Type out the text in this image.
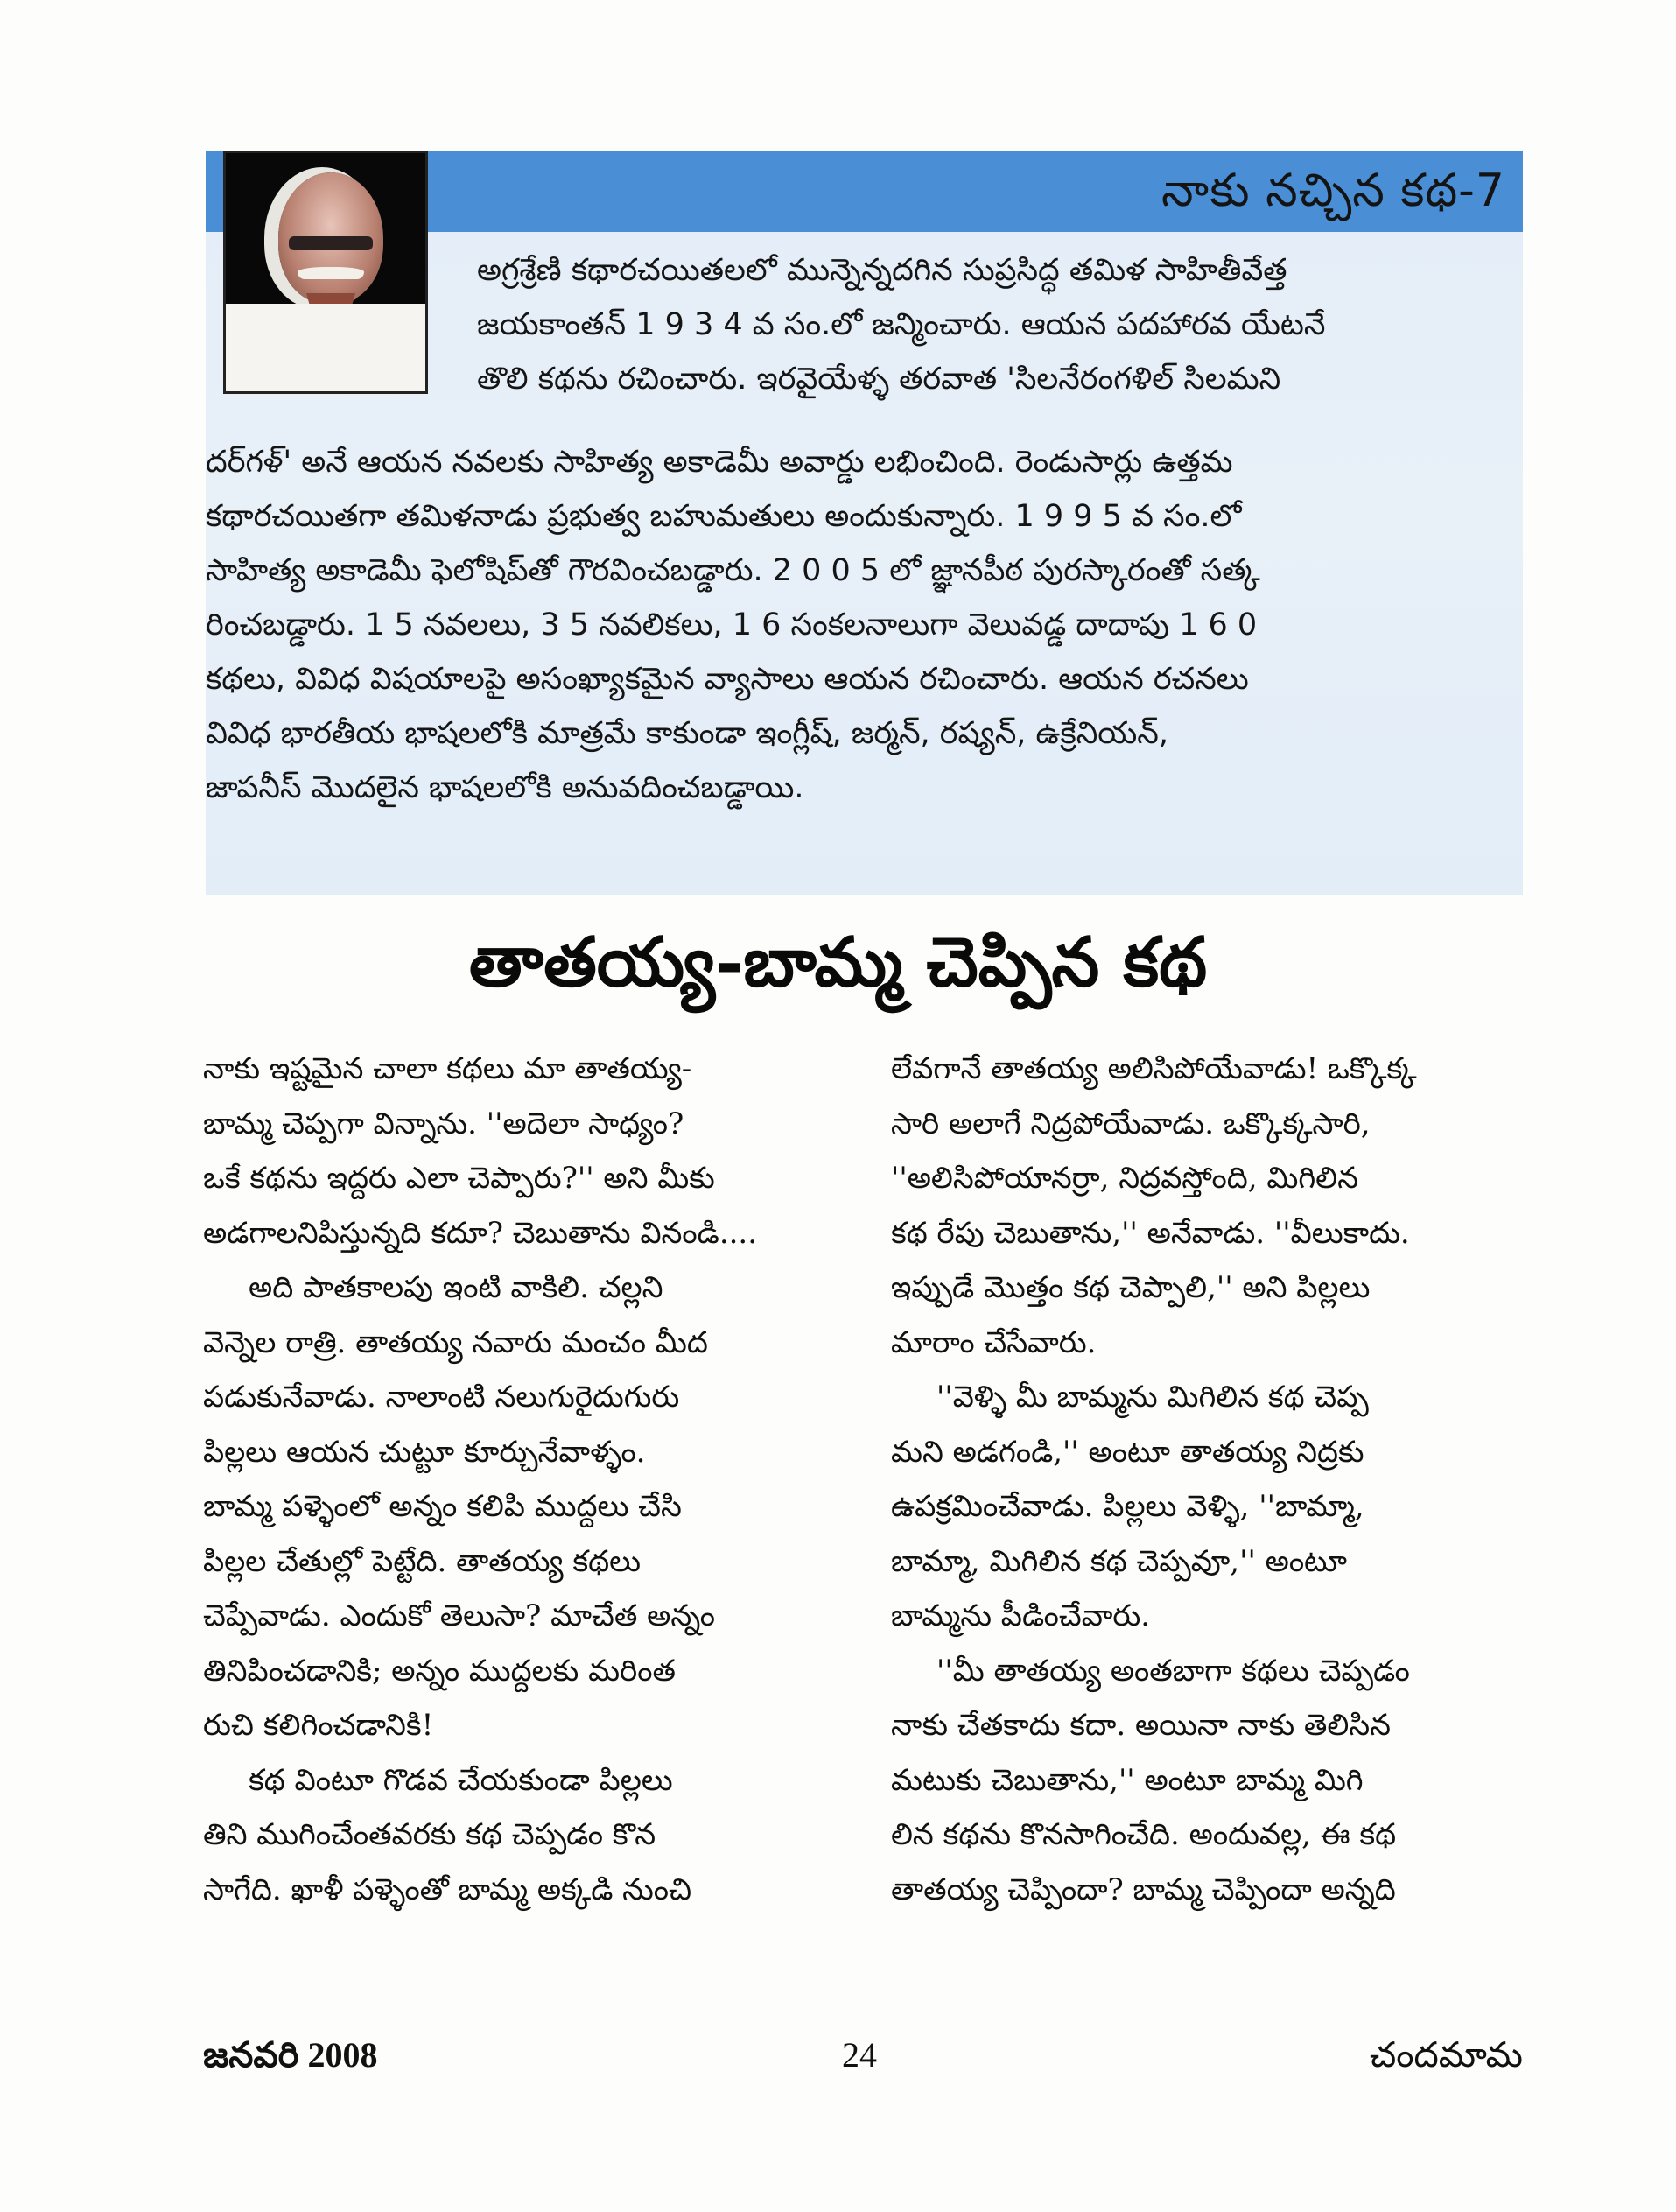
నాకు నచ్చిన కథ-7
అగ్రశ్రేణి కథారచయితలలో మున్నెన్నదగిన సుప్రసిద్ధ తమిళ సాహితీవేత్త
జయకాంతన్ 1 9 3 4 వ సం.లో జన్మించారు. ఆయన పదహారవ యేటనే
తొలి కథను రచించారు. ఇరవైయేళ్ళ తరవాత 'సిలనేరంగళిల్ సిలమని
దర్‌గళ్' అనే ఆయన నవలకు సాహిత్య అకాడెమీ అవార్డు లభించింది. రెండుసార్లు ఉత్తమ
కథారచయితగా తమిళనాడు ప్రభుత్వ బహుమతులు అందుకున్నారు. 1 9 9 5 వ సం.లో
సాహిత్య అకాడెమీ ఫెలోషిప్‌తో గౌరవించబడ్డారు. 2 0 0 5 లో జ్ఞానపీఠ పురస్కారంతో సత్క
రించబడ్డారు. 1 5 నవలలు, 3 5 నవలికలు, 1 6 సంకలనాలుగా వెలువడ్డ దాదాపు 1 6 0
కథలు, వివిధ విషయాలపై అసంఖ్యాకమైన వ్యాసాలు ఆయన రచించారు. ఆయన రచనలు
వివిధ భారతీయ భాషలలోకి మాత్రమే కాకుండా ఇంగ్లీష్, జర్మన్, రష్యన్, ఉక్రేనియన్,
జాపనీస్ మొదలైన భాషలలోకి అనువదించబడ్డాయి.
తాతయ్య-బామ్మ చెప్పిన కథ
నాకు ఇష్టమైన చాలా కథలు మా తాతయ్య-
బామ్మ చెప్పగా విన్నాను. ''అదెలా సాధ్యం?
ఒకే కథను ఇద్దరు ఎలా చెప్పారు?'' అని మీకు
అడగాలనిపిస్తున్నది కదూ? చెబుతాను వినండి....
అది పాతకాలపు ఇంటి వాకిలి. చల్లని
వెన్నెల రాత్రి. తాతయ్య నవారు మంచం మీద
పడుకునేవాడు. నాలాంటి నలుగురైదుగురు
పిల్లలు ఆయన చుట్టూ కూర్చునేవాళ్ళం.
బామ్మ పళ్ళెంలో అన్నం కలిపి ముద్దలు చేసి
పిల్లల చేతుల్లో పెట్టేది. తాతయ్య కథలు
చెప్పేవాడు. ఎందుకో తెలుసా? మాచేత అన్నం
తినిపించడానికి; అన్నం ముద్దలకు మరింత
రుచి కలిగించడానికి!
కథ వింటూ గొడవ చేయకుండా పిల్లలు
తిని ముగించేంతవరకు కథ చెప్పడం కొన
సాగేది. ఖాళీ పళ్ళెంతో బామ్మ అక్కడి నుంచి
లేవగానే తాతయ్య అలిసిపోయేవాడు! ఒక్కొక్క
సారి అలాగే నిద్రపోయేవాడు. ఒక్కొక్కసారి,
''అలిసిపోయానర్రా, నిద్రవస్తోంది, మిగిలిన
కథ రేపు చెబుతాను,'' అనేవాడు. ''వీలుకాదు.
ఇప్పుడే మొత్తం కథ చెప్పాలి,'' అని పిల్లలు
మారాం చేసేవారు.
''వెళ్ళి మీ బామ్మను మిగిలిన కథ చెప్ప
మని అడగండి,'' అంటూ తాతయ్య నిద్రకు
ఉపక్రమించేవాడు. పిల్లలు వెళ్ళి, ''బామ్మా,
బామ్మా, మిగిలిన కథ చెప్పవూ,'' అంటూ
బామ్మను పీడించేవారు.
''మీ తాతయ్య అంతబాగా కథలు చెప్పడం
నాకు చేతకాదు కదా. అయినా నాకు తెలిసిన
మటుకు చెబుతాను,'' అంటూ బామ్మ మిగి
లిన కథను కొనసాగించేది. అందువల్ల, ఈ కథ
తాతయ్య చెప్పిందా? బామ్మ చెప్పిందా అన్నది
జనవరి 2008	24	చందమామ
